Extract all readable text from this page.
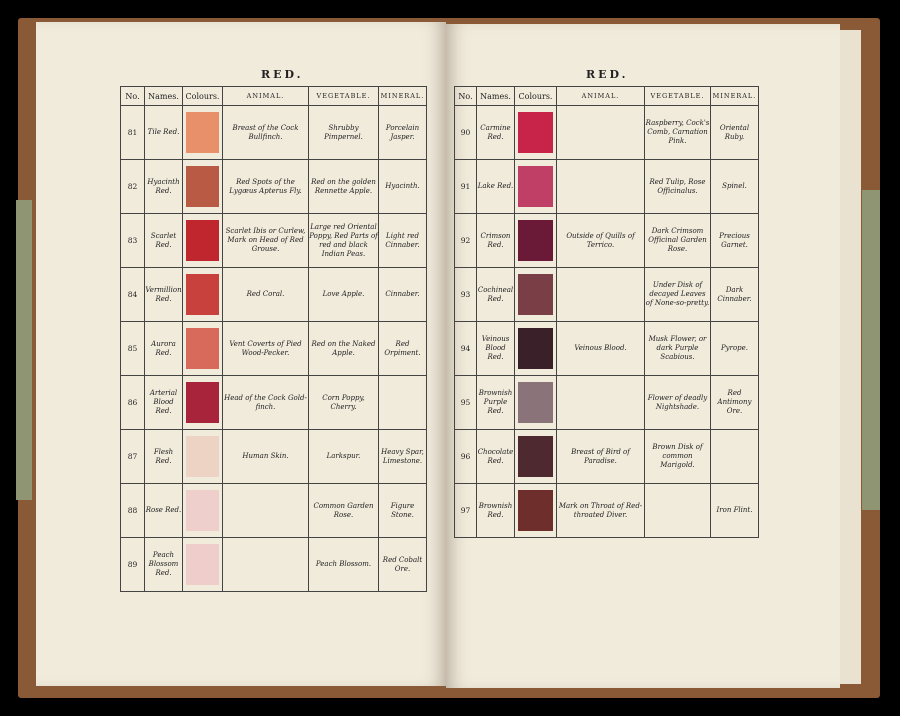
RED.
No.	Names.	Colours.	ANIMAL.	VEGETABLE.	MINERAL.
81	Tile Red.		Breast of the Cock Bullfinch.	Shrubby Pimpernel.	Porcelain Jasper.
82	Hyacinth Red.		Red Spots of the Lygæus Apterus Fly.	Red on the golden Rennette Apple.	Hyacinth.
83	Scarlet Red.		Scarlet Ibis or Curlew, Mark on Head of Red Grouse.	Large red Oriental Poppy, Red Parts of red and black Indian Peas.	Light red Cinnaber.
84	Vermillion Red.		Red Coral.	Love Apple.	Cinnaber.
85	Aurora Red.		Vent Coverts of Pied Wood-Pecker.	Red on the Naked Apple.	Red Orpiment.
86	Arterial Blood Red.		Head of the Cock Gold-finch.	Corn Poppy, Cherry.	
87	Flesh Red.		Human Skin.	Larkspur.	Heavy Spar, Limestone.
88	Rose Red.			Common Garden Rose.	Figure Stone.
89	Peach Blossom Red.			Peach Blossom.	Red Cobalt Ore.
RED.
No.	Names.	Colours.	ANIMAL.	VEGETABLE.	MINERAL.
90	Carmine Red.			Raspberry, Cock's Comb, Carnation Pink.	Oriental Ruby.
91	Lake Red.			Red Tulip, Rose Officinalus.	Spinel.
92	Crimson Red.		Outside of Quills of Terrico.	Dark Crimsom Officinal Garden Rose.	Precious Garnet.
93	Cochineal Red.			Under Disk of decayed Leaves of None-so-pretty.	Dark Cinnaber.
94	Veinous Blood Red.		Veinous Blood.	Musk Flower, or dark Purple Scabious.	Pyrope.
95	Brownish Purple Red.			Flower of deadly Nightshade.	Red Antimony Ore.
96	Chocolate Red.		Breast of Bird of Paradise.	Brown Disk of common Marigold.	
97	Brownish Red.		Mark on Throat of Red-throated Diver.		Iron Flint.
